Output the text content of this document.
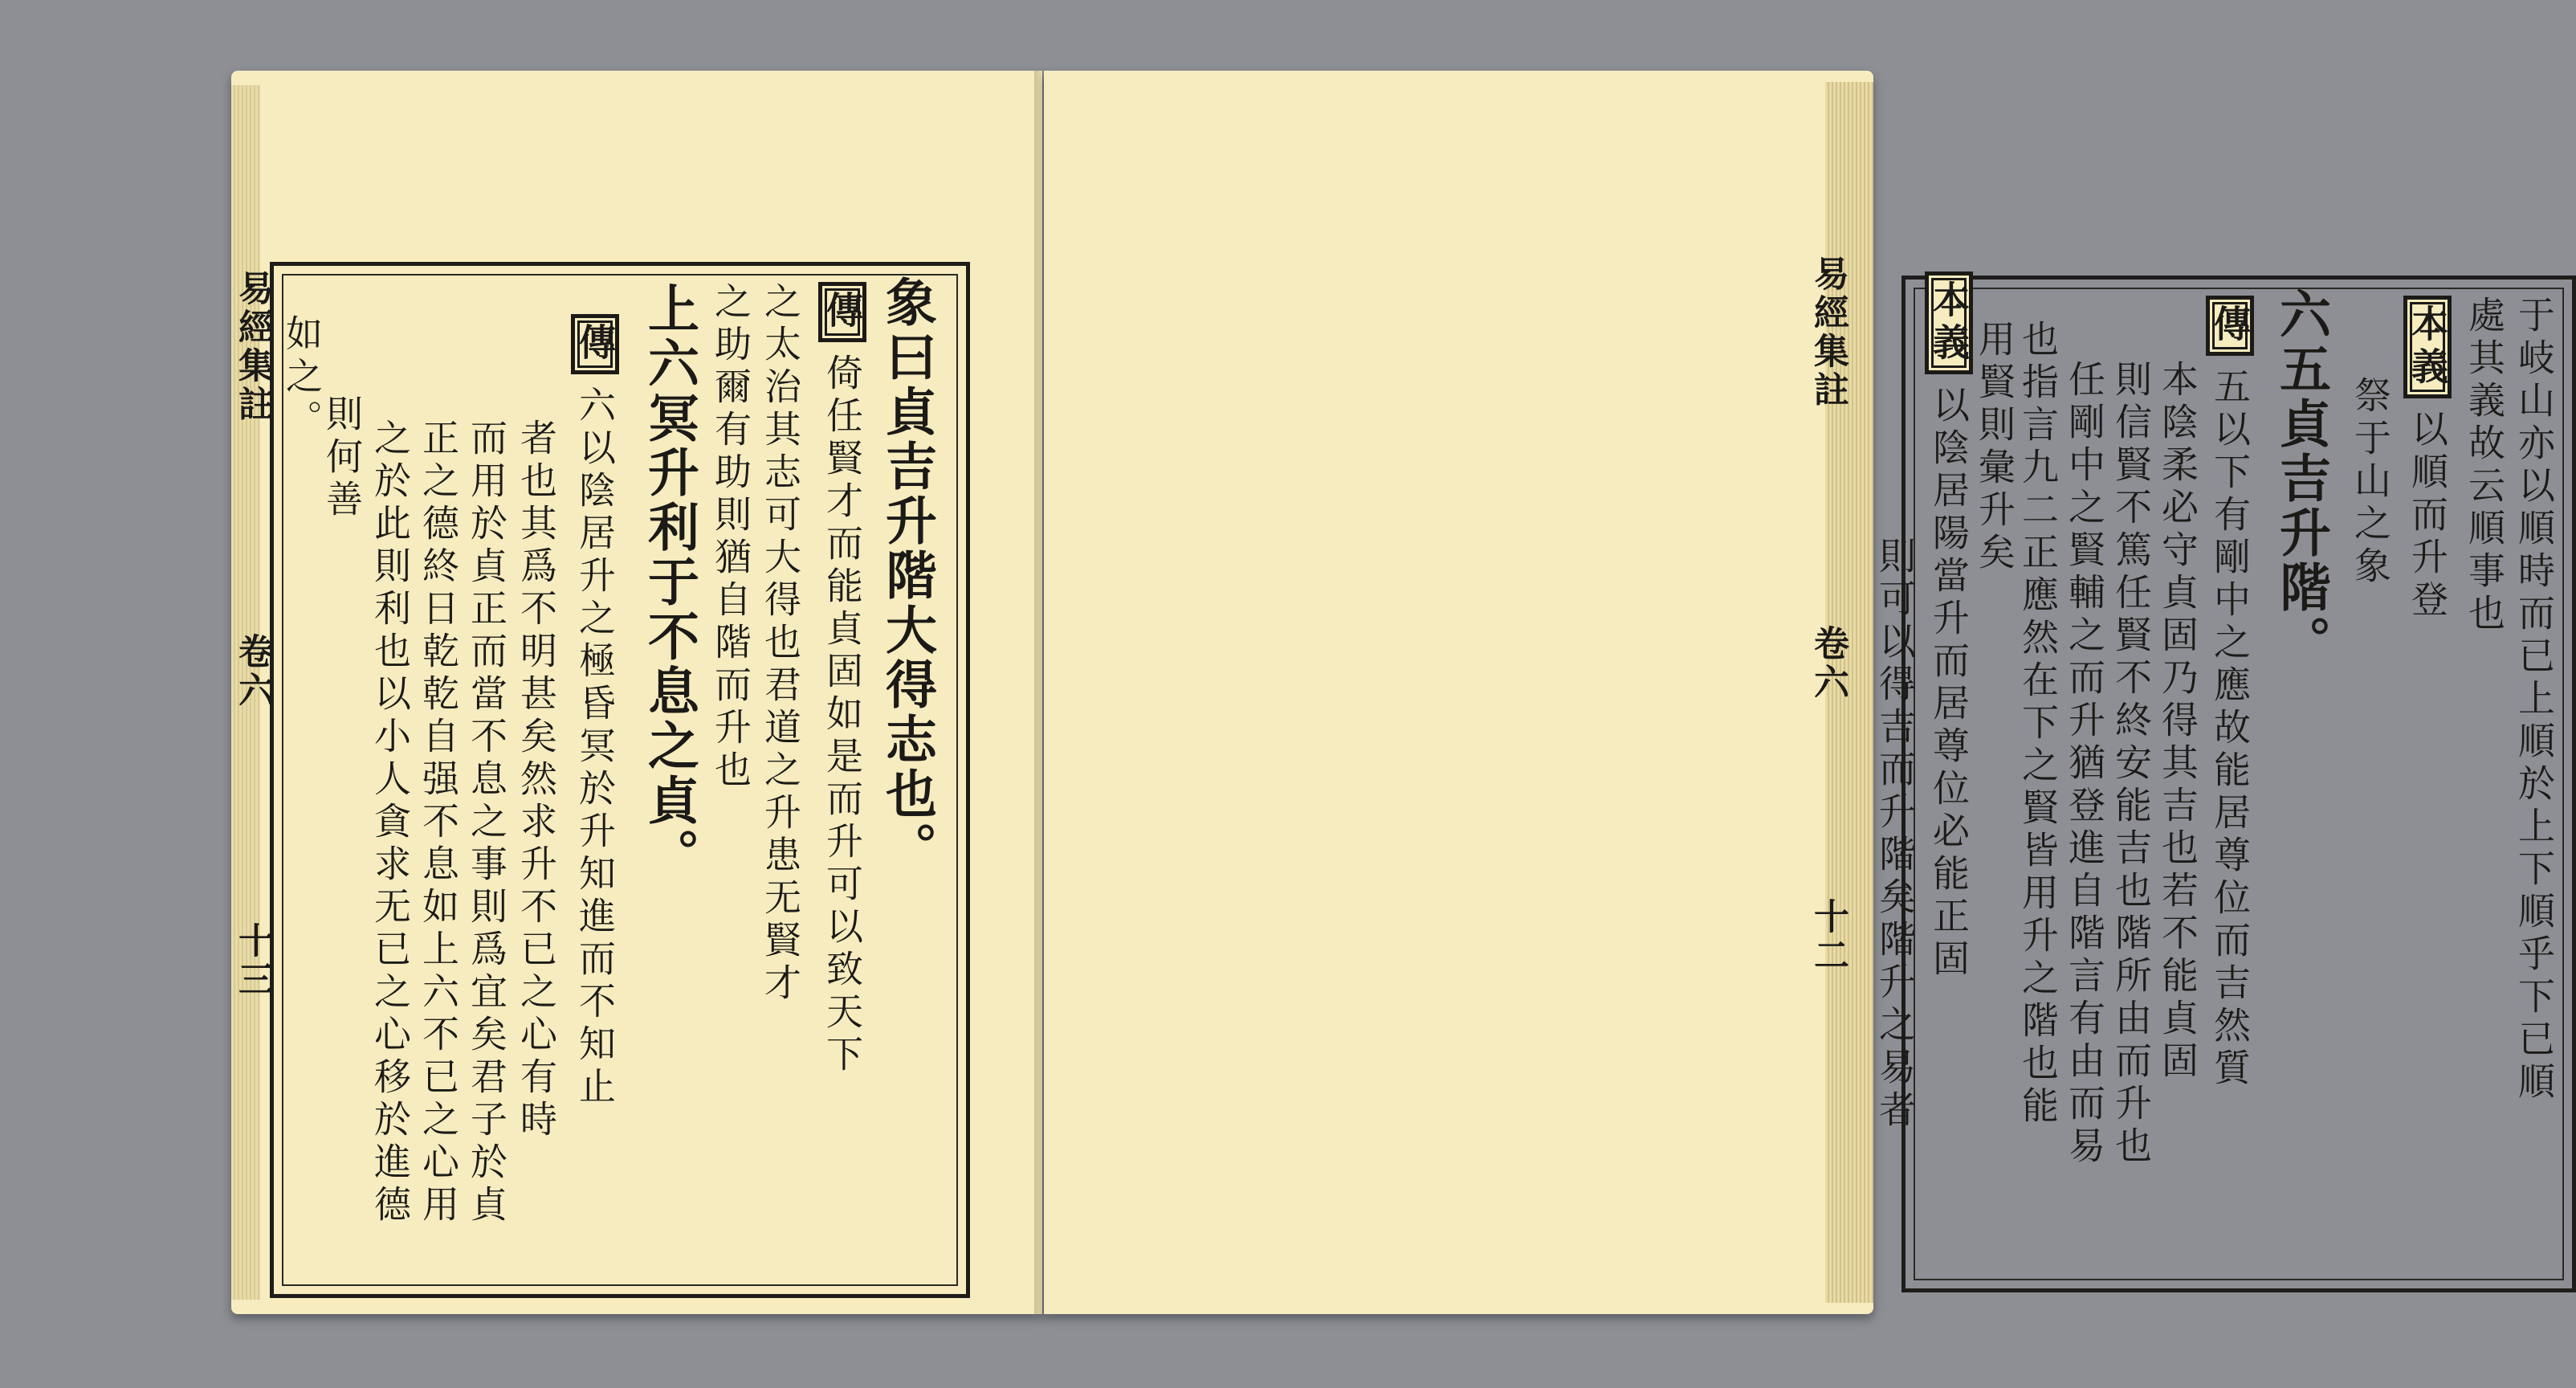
易經集註
卷六
十三
象曰貞吉升階大得志也。
傳倚任賢才而能貞固如是而升可以致天下
之太治其志可大得也君道之升患无賢才
之助爾有助則猶自階而升也
上六冥升利于不息之貞。
傳六以陰居升之極昏冥於升知進而不知止
者也其爲不明甚矣然求升不已之心有時
而用於貞正而當不息之事則爲宜矣君子於貞
正之德終日乾乾自强不息如上六不已之心用
之於此則利也以小人貪求无已之心移於進德
則何善
如之。	易經集註
卷六
十二	于岐山亦以順時而已上順於上下順乎下已順
處其義故云順事也
本義以順而升登
祭于山之象
六五貞吉升階。
傳五以下有剛中之應故能居尊位而吉然質
本陰柔必守貞固乃得其吉也若不能貞固
則信賢不篤任賢不終安能吉也階所由而升也
任剛中之賢輔之而升猶登進自階言有由而易
也指言九二正應然在下之賢皆用升之階也能
用賢則彙升矣
本義以陰居陽當升而居尊位必能正固
則可以得吉而升階矣階升之易者
